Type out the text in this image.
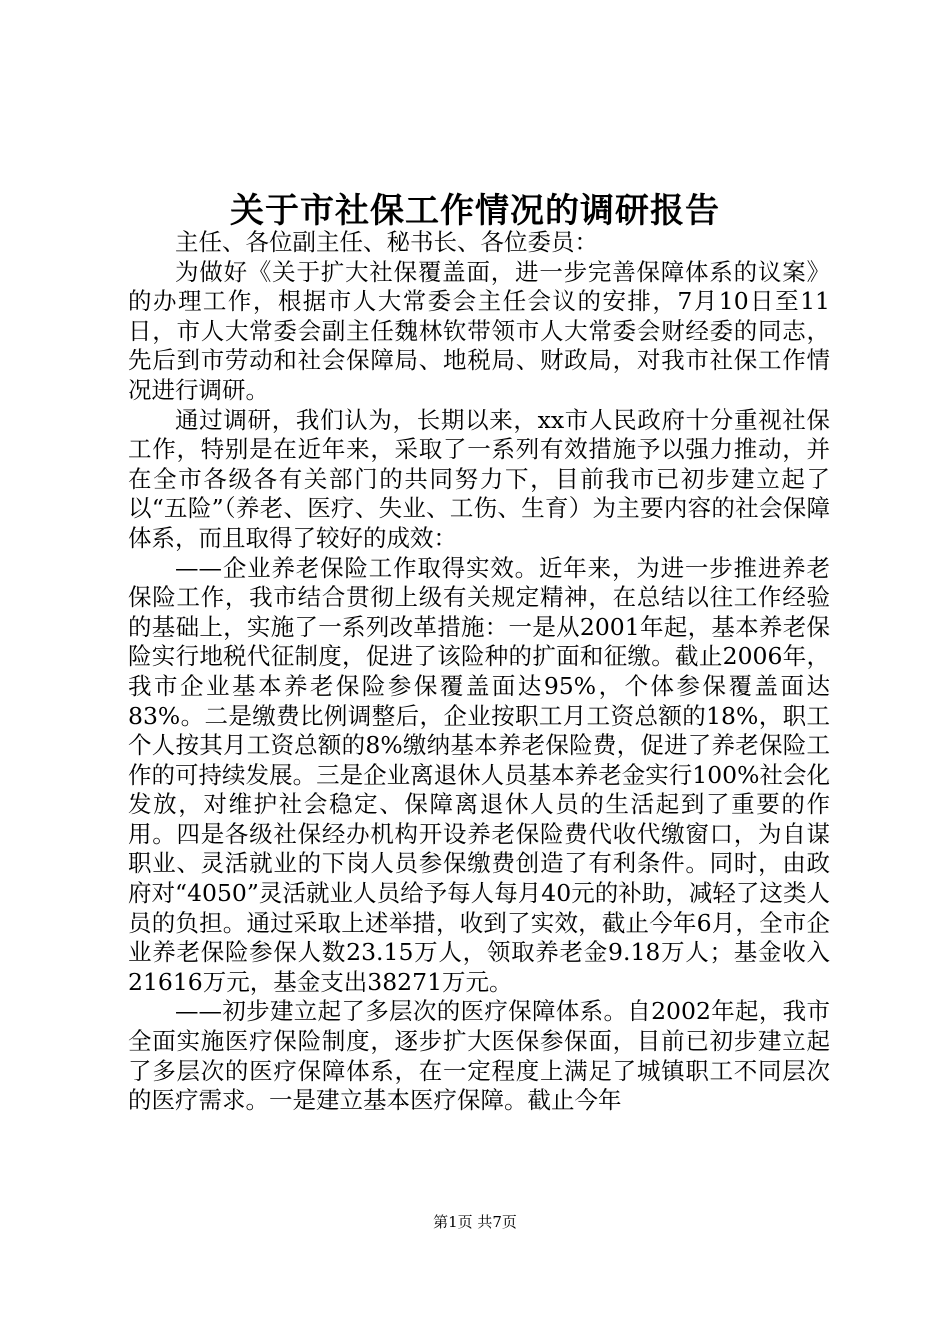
关于市社保工作情况的调研报告

主任、各位副主任、秘书长、各位委员：

为做好《关于扩大社保覆盖面，进一步完善保障体系的议案》的办理工作，根据市人大常委会主任会议的安排，7月10日至11日，市人大常委会副主任魏林钦带领市人大常委会财经委的同志，先后到市劳动和社会保障局、地税局、财政局，对我市社保工作情况进行调研。

通过调研，我们认为，长期以来，xx市人民政府十分重视社保工作，特别是在近年来，采取了一系列有效措施予以强力推动，并在全市各级各有关部门的共同努力下，目前我市已初步建立起了以“五险”（养老、医疗、失业、工伤、生育）为主要内容的社会保障体系，而且取得了较好的成效：

——企业养老保险工作取得实效。近年来，为进一步推进养老保险工作，我市结合贯彻上级有关规定精神，在总结以往工作经验的基础上，实施了一系列改革措施：一是从2001年起，基本养老保险实行地税代征制度，促进了该险种的扩面和征缴。截止2006年，我市企业基本养老保险参保覆盖面达95%，个体参保覆盖面达83%。二是缴费比例调整后，企业按职工月工资总额的18%，职工个人按其月工资总额的8%缴纳基本养老保险费，促进了养老保险工作的可持续发展。三是企业离退休人员基本养老金实行100%社会化发放，对维护社会稳定、保障离退休人员的生活起到了重要的作用。四是各级社保经办机构开设养老保险费代收代缴窗口，为自谋职业、灵活就业的下岗人员参保缴费创造了有利条件。同时，由政府对“4050”灵活就业人员给予每人每月40元的补助，减轻了这类人员的负担。通过采取上述举措，收到了实效，截止今年6月，全市企业养老保险参保人数23.15万人，领取养老金9.18万人；基金收入21616万元，基金支出38271万元。

——初步建立起了多层次的医疗保障体系。自2002年起，我市全面实施医疗保险制度，逐步扩大医保参保面，目前已初步建立起了多层次的医疗保障体系，在一定程度上满足了城镇职工不同层次的医疗需求。一是建立基本医疗保障。截止今年

第1页 共7页
